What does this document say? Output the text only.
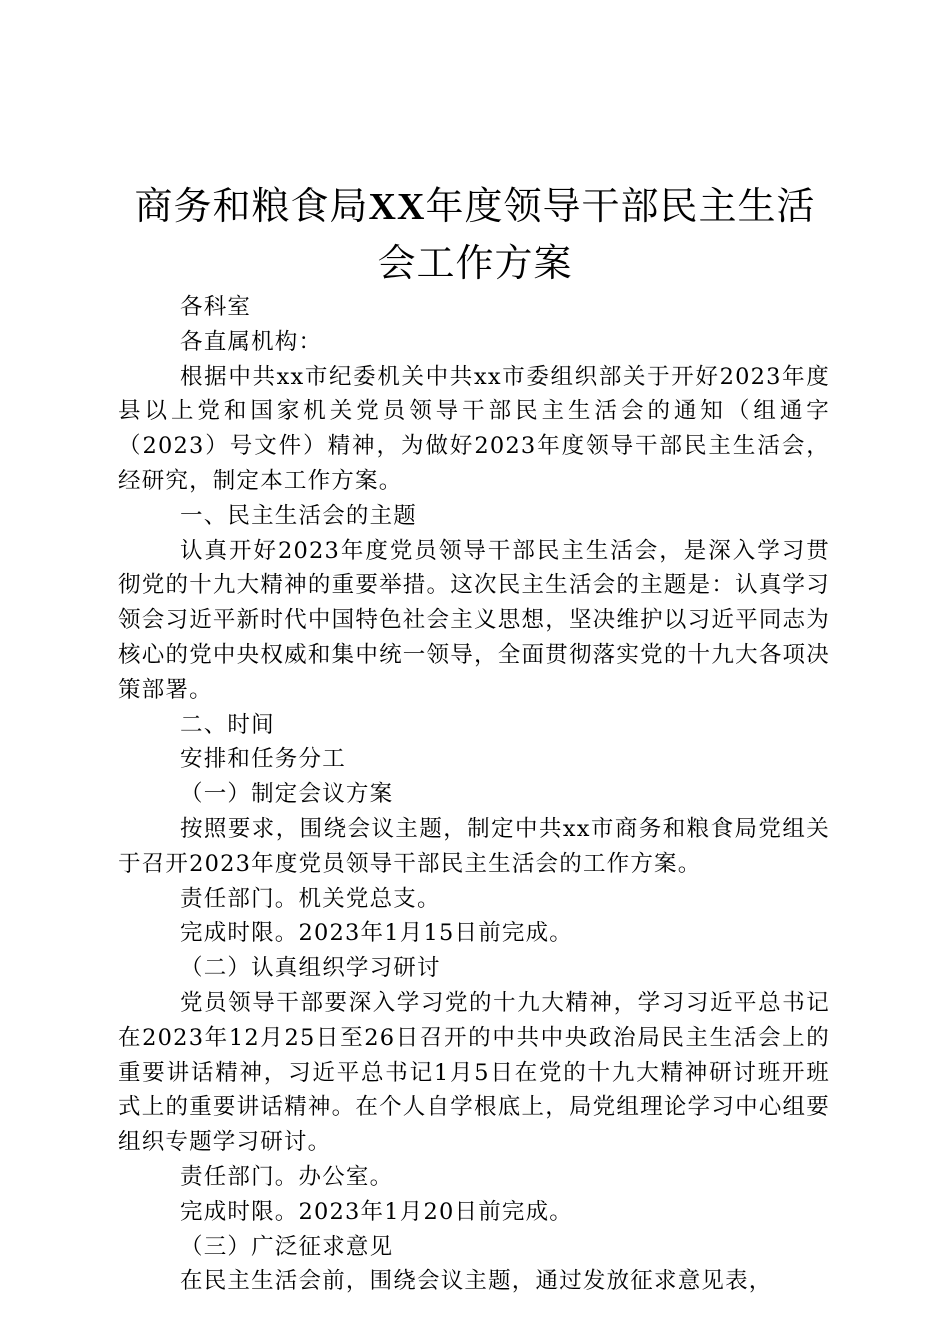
商务和粮食局XX年度领导干部民主生活会工作方案

各科室

各直属机构：

根据中共xx市纪委机关中共xx市委组织部关于开好2023年度县以上党和国家机关党员领导干部民主生活会的通知（组通字（2023）号文件）精神，为做好2023年度领导干部民主生活会，经研究，制定本工作方案。

一、民主生活会的主题

认真开好2023年度党员领导干部民主生活会，是深入学习贯彻党的十九大精神的重要举措。这次民主生活会的主题是：认真学习领会习近平新时代中国特色社会主义思想，坚决维护以习近平同志为核心的党中央权威和集中统一领导，全面贯彻落实党的十九大各项决策部署。

二、时间

安排和任务分工

（一）制定会议方案

按照要求，围绕会议主题，制定中共xx市商务和粮食局党组关于召开2023年度党员领导干部民主生活会的工作方案。

责任部门。机关党总支。

完成时限。2023年1月15日前完成。

（二）认真组织学习研讨

党员领导干部要深入学习党的十九大精神，学习习近平总书记在2023年12月25日至26日召开的中共中央政治局民主生活会上的重要讲话精神，习近平总书记1月5日在党的十九大精神研讨班开班式上的重要讲话精神。在个人自学根底上，局党组理论学习中心组要组织专题学习研讨。

责任部门。办公室。

完成时限。2023年1月20日前完成。

（三）广泛征求意见

在民主生活会前，围绕会议主题，通过发放征求意见表，
